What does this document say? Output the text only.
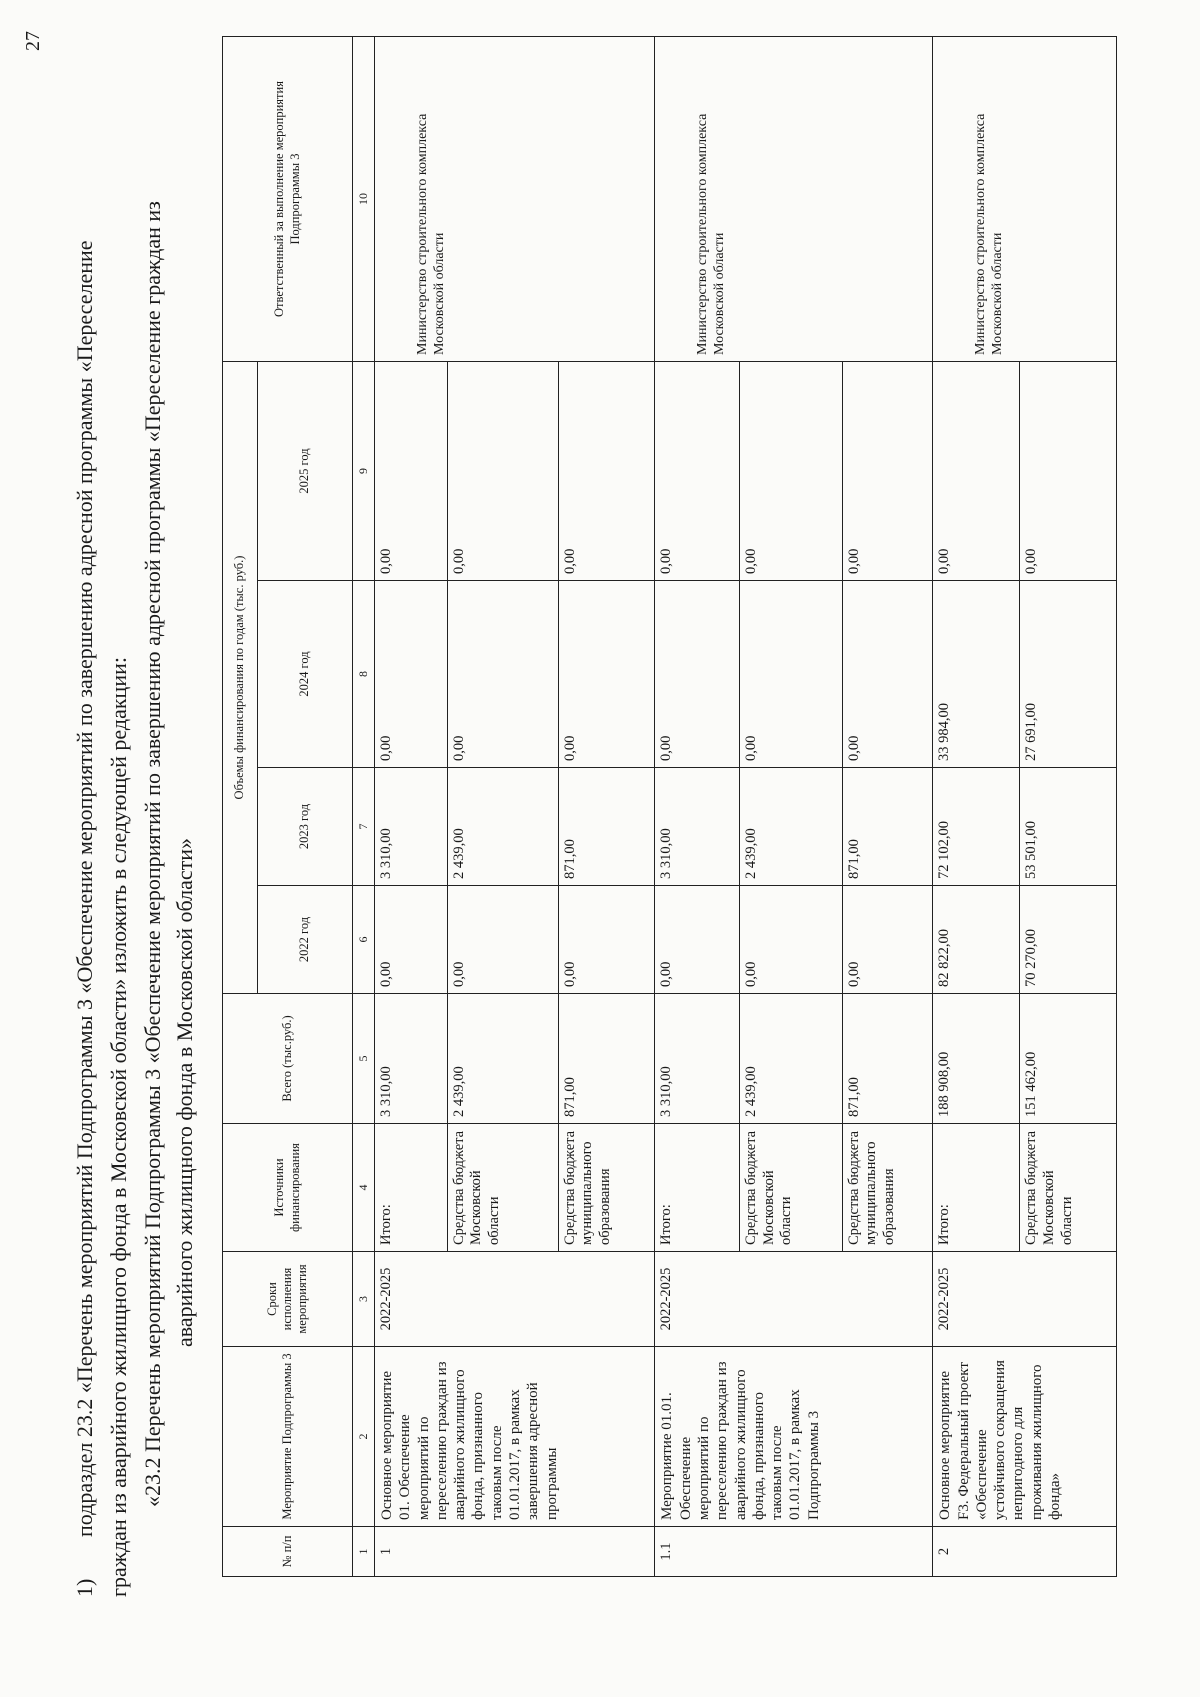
27
1)подраздел 23.2 «Перечень мероприятий Подпрограммы 3 «Обеспечение мероприятий по завершению адресной программы «Переселение граждан из аварийного жилищного фонда в Московской области» изложить в следующей редакции: «23.2 Перечень мероприятий Подпрограммы 3 «Обеспечение мероприятий по завершению адресной программы «Переселение граждан из аварийного жилищного фонда в Московской области»
№ п/п	Мероприятие Подпрограммы 3	Сроки исполнения мероприятия	Источники финансирования	Всего (тыс.руб.)	Объемы финансирования по годам (тыс. руб.)				Ответственный за выполнение мероприятия Подпрограммы 3
					2022 год	2023 год	2024 год	2025 год	
1	2	3	4	5	6	7	8	9	10
1	Основное мероприятие 01. Обеспечение мероприятий по переселению граждан из аварийного жилищного фонда, признанного таковым после 01.01.2017, в рамках завершения адресной программы	2022-2025	Итого:	3 310,00	0,00	3 310,00	0,00	0,00	Министерство строительного комплекса Московской области

			Средства бюджета Московской области	2 439,00	0,00	2 439,00	0,00	0,00	
			Средства бюджета муниципального образования	871,00	0,00	871,00	0,00	0,00	
1.1	Мероприятие 01.01. Обеспечение мероприятий по переселению граждан из аварийного жилищного фонда, признанного таковым после 01.01.2017, в рамках Подпрограммы 3	2022-2025	Итого:	3 310,00	0,00	3 310,00	0,00	0,00	Министерство строительного комплекса Московской области

			Средства бюджета Московской области	2 439,00	0,00	2 439,00	0,00	0,00	
			Средства бюджета муниципального образования	871,00	0,00	871,00	0,00	0,00	
2	Основное мероприятие F3. Федеральный проект «Обеспечение устойчивого сокращения непригодного для проживания жилищного фонда»	2022-2025	Итого:	188 908,00	82 822,00	72 102,00	33 984,00	0,00	Министерство строительного комплекса Московской области

			Средства бюджета Московской области	151 462,00	70 270,00	53 501,00	27 691,00	0,00	
